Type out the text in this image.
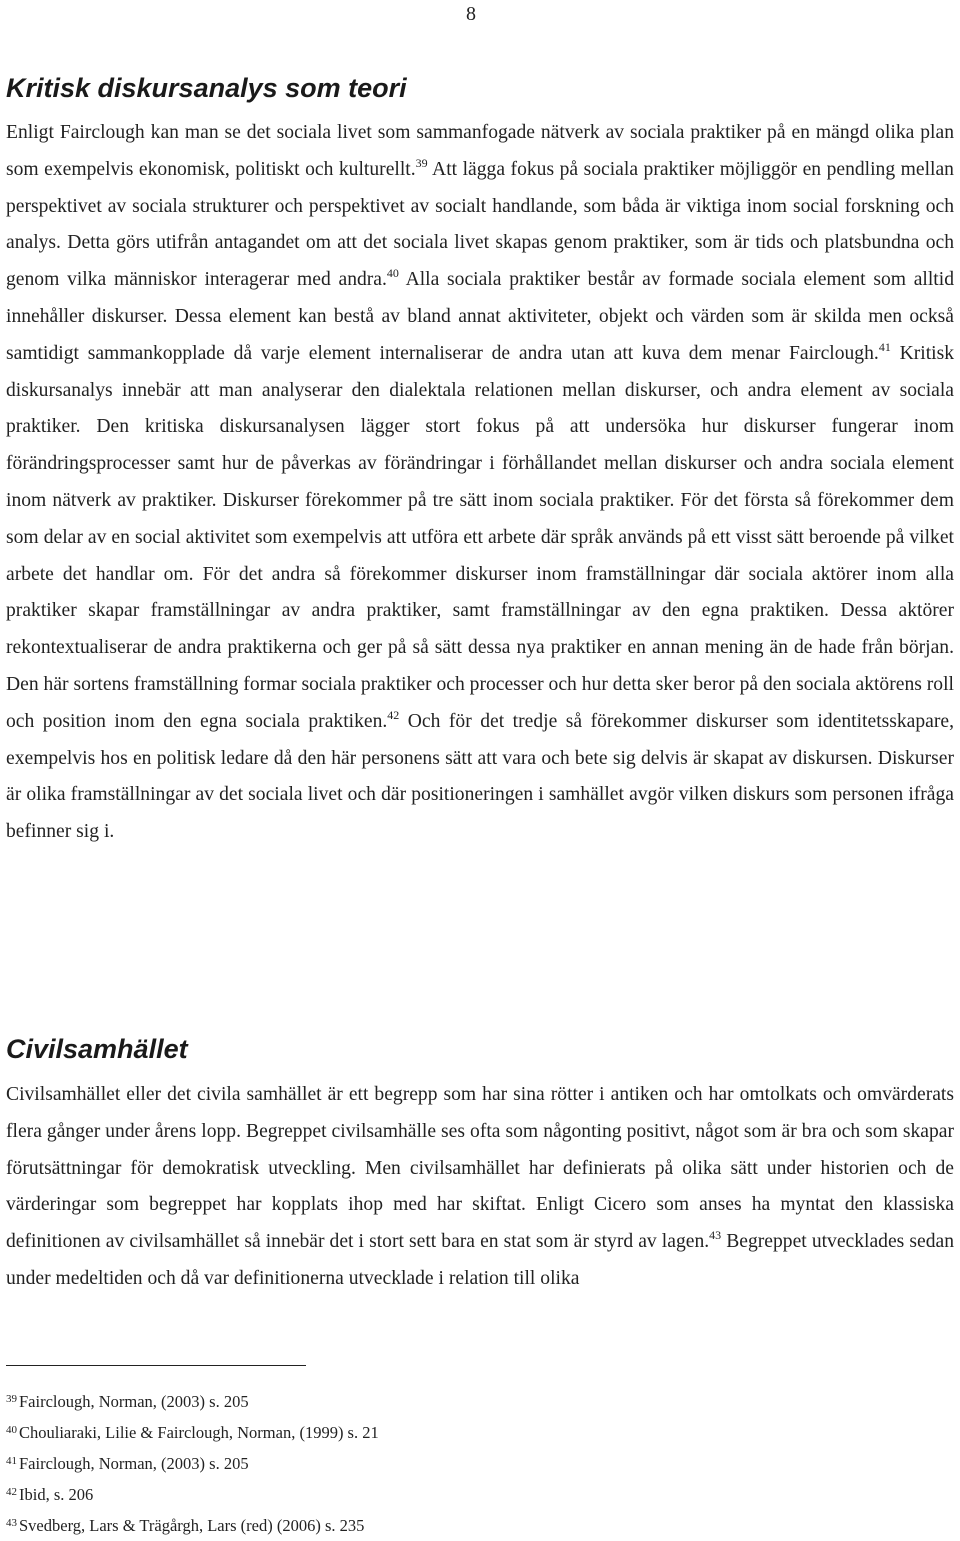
8
Kritisk diskursanalys som teori

Enligt Fairclough kan man se det sociala livet som sammanfogade nätverk av sociala praktiker på en mängd olika plan som exempelvis ekonomisk, politiskt och kulturellt.$^{39}$ Att lägga fokus på sociala praktiker möjliggör en pendling mellan perspektivet av sociala strukturer och perspektivet av socialt handlande, som båda är viktiga inom social forskning och analys. Detta görs utifrån antagandet om att det sociala livet skapas genom praktiker, som är tids och platsbundna och genom vilka människor interagerar med andra.$^{40}$ Alla sociala praktiker består av formade sociala element som alltid innehåller diskurser. Dessa element kan bestå av bland annat aktiviteter, objekt och värden som är skilda men också samtidigt sammankopplade då varje element internaliserar de andra utan att kuva dem menar Fairclough.$^{41}$ Kritisk diskursanalys innebär att man analyserar den dialektala relationen mellan diskurser, och andra element av sociala praktiker. Den kritiska diskursanalysen lägger stort fokus på att undersöka hur diskurser fungerar inom förändringsprocesser samt hur de påverkas av förändringar i förhållandet mellan diskurser och andra sociala element inom nätverk av praktiker. Diskurser förekommer på tre sätt inom sociala praktiker. För det första så förekommer dem som delar av en social aktivitet som exempelvis att utföra ett arbete där språk används på ett visst sätt beroende på vilket arbete det handlar om. För det andra så förekommer diskurser inom framställningar där sociala aktörer inom alla praktiker skapar framställningar av andra praktiker, samt framställningar av den egna praktiken. Dessa aktörer rekontextualiserar de andra praktikerna och ger på så sätt dessa nya praktiker en annan mening än de hade från början. Den här sortens framställning formar sociala praktiker och processer och hur detta sker beror på den sociala aktörens roll och position inom den egna sociala praktiken.$^{42}$ Och för det tredje så förekommer diskurser som identitetsskapare, exempelvis hos en politisk ledare då den här personens sätt att vara och bete sig delvis är skapat av diskursen. Diskurser är olika framställningar av det sociala livet och där positioneringen i samhället avgör vilken diskurs som personen ifråga befinner sig i.

Civilsamhället

Civilsamhället eller det civila samhället är ett begrepp som har sina rötter i antiken och har omtolkats och omvärderats flera gånger under årens lopp. Begreppet civilsamhälle ses ofta som någonting positivt, något som är bra och som skapar förutsättningar för demokratisk utveckling. Men civilsamhället har definierats på olika sätt under historien och de värderingar som begreppet har kopplats ihop med har skiftat. Enligt Cicero som anses ha myntat den klassiska definitionen av civilsamhället så innebär det i stort sett bara en stat som är styrd av lagen.$^{43}$ Begreppet utvecklades sedan under medeltiden och då var definitionerna utvecklade i relation till olika

$^{39}$ Fairclough, Norman, (2003) s. 205
$^{40}$ Chouliaraki, Lilie & Fairclough, Norman, (1999) s. 21
$^{41}$ Fairclough, Norman, (2003) s. 205
$^{42}$ Ibid, s. 206
$^{43}$ Svedberg, Lars & Trägårgh, Lars (red) (2006) s. 235
